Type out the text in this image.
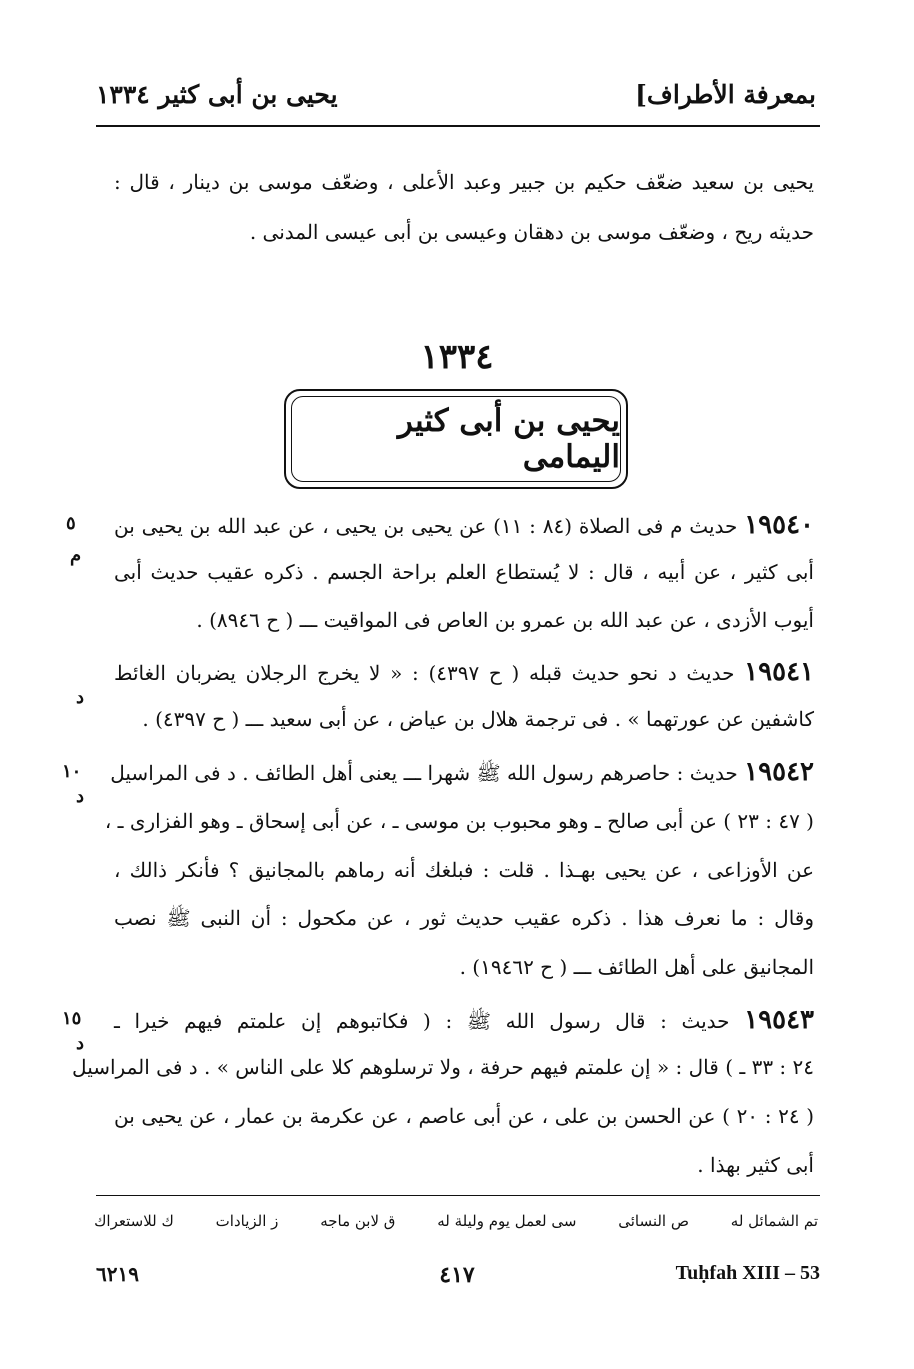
بمعرفة الأطراف]
يحيى بن أبى كثير ١٣٣٤
يحيى بن سعيد ضعّف حكيم بن جبير وعبد الأعلى ، وضعّف موسى بن دينار ، قال :
حديثه ريح ، وضعّف موسى بن دهقان وعيسى بن أبى عيسى المدنى .
١٣٣٤
يحيى بن أبى كثير اليمامى
١٩٥٤٠ حديث م فى الصلاة (٨٤ : ١١) عن يحيى بن يحيى ، عن عبد الله بن يحيى بن
أبى كثير ، عن أبيه ، قال : لا يُستطاع العلم براحة الجسم . ذكره عقيب حديث أبى
أيوب الأزدى ، عن عبد الله بن عمرو بن العاص فى المواقيت ـــ ( ح ٨٩٤٦) .
١٩٥٤١ حديث د نحو حديث قبله ( ح ٤٣٩٧) : « لا يخرج الرجلان يضربان الغائط
كاشفين عن عورتهما » . فى ترجمة هلال بن عياض ، عن أبى سعيد ـــ ( ح ٤٣٩٧) .
١٩٥٤٢ حديث : حاصرهم رسول الله ﷺ شهرا ـــ يعنى أهل الطائف . د فى المراسيل
( ٤٧ : ٢٣ ) عن أبى صالح ـ وهو محبوب بن موسى ـ ، عن أبى إسحاق ـ وهو الفزارى ـ ،
عن الأوزاعى ، عن يحيى بهـذا . قلت : فبلغك أنه رماهم بالمجانيق ؟ فأنكر ذالك ،
وقال : ما نعرف هذا . ذكره عقيب حديث ثور ، عن مكحول : أن النبى ﷺ نصب
المجانيق على أهل الطائف ـــ ( ح ١٩٤٦٢) .
١٩٥٤٣ حديث : قال رسول الله ﷺ : ( فكاتبوهم إن علمتم فيهم خيرا ـ
٢٤ : ٣٣ ـ ) قال : « إن علمتم فيهم حرفة ، ولا ترسلوهم كلا على الناس » . د فى المراسيل
( ٢٤ : ٢٠ ) عن الحسن بن على ، عن أبى عاصم ، عن عكرمة بن عمار ، عن يحيى بن
أبى كثير بهذا .
٥
م
د
١٠
د
١٥
د
تم الشمائل له
ص النسائى
سى لعمل يوم وليلة له
ق لابن ماجه
ز الزيادات
ك للاستعراك
٤١٧	Tuḥfah XIII – 53
٦٢١٩
